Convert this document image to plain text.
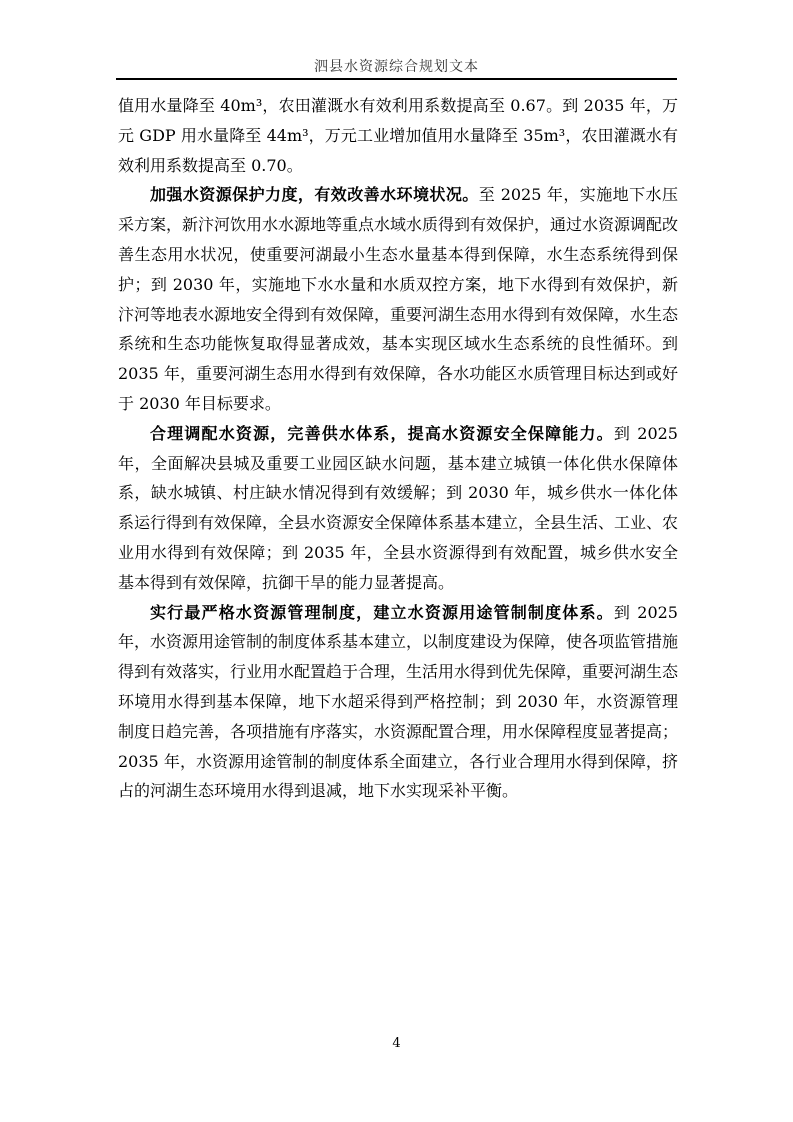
泗县水资源综合规划文本

值用水量降至 40m³，农田灌溉水有效利用系数提高至 0.67。到 2035 年，万元 GDP 用水量降至 44m³，万元工业增加值用水量降至 35m³，农田灌溉水有效利用系数提高至 0.70。

加强水资源保护力度，有效改善水环境状况。至 2025 年，实施地下水压采方案，新汴河饮用水水源地等重点水域水质得到有效保护，通过水资源调配改善生态用水状况，使重要河湖最小生态水量基本得到保障，水生态系统得到保护；到 2030 年，实施地下水水量和水质双控方案，地下水得到有效保护，新汴河等地表水源地安全得到有效保障，重要河湖生态用水得到有效保障，水生态系统和生态功能恢复取得显著成效，基本实现区域水生态系统的良性循环。到 2035 年，重要河湖生态用水得到有效保障，各水功能区水质管理目标达到或好于 2030 年目标要求。

合理调配水资源，完善供水体系，提高水资源安全保障能力。到 2025 年，全面解决县城及重要工业园区缺水问题，基本建立城镇一体化供水保障体系，缺水城镇、村庄缺水情况得到有效缓解；到 2030 年，城乡供水一体化体系运行得到有效保障，全县水资源安全保障体系基本建立，全县生活、工业、农业用水得到有效保障；到 2035 年，全县水资源得到有效配置，城乡供水安全基本得到有效保障，抗御干旱的能力显著提高。

实行最严格水资源管理制度，建立水资源用途管制制度体系。到 2025 年，水资源用途管制的制度体系基本建立，以制度建设为保障，使各项监管措施得到有效落实，行业用水配置趋于合理，生活用水得到优先保障，重要河湖生态环境用水得到基本保障，地下水超采得到严格控制；到 2030 年，水资源管理制度日趋完善，各项措施有序落实，水资源配置合理，用水保障程度显著提高；2035 年，水资源用途管制的制度体系全面建立，各行业合理用水得到保障，挤占的河湖生态环境用水得到退减，地下水实现采补平衡。

4
